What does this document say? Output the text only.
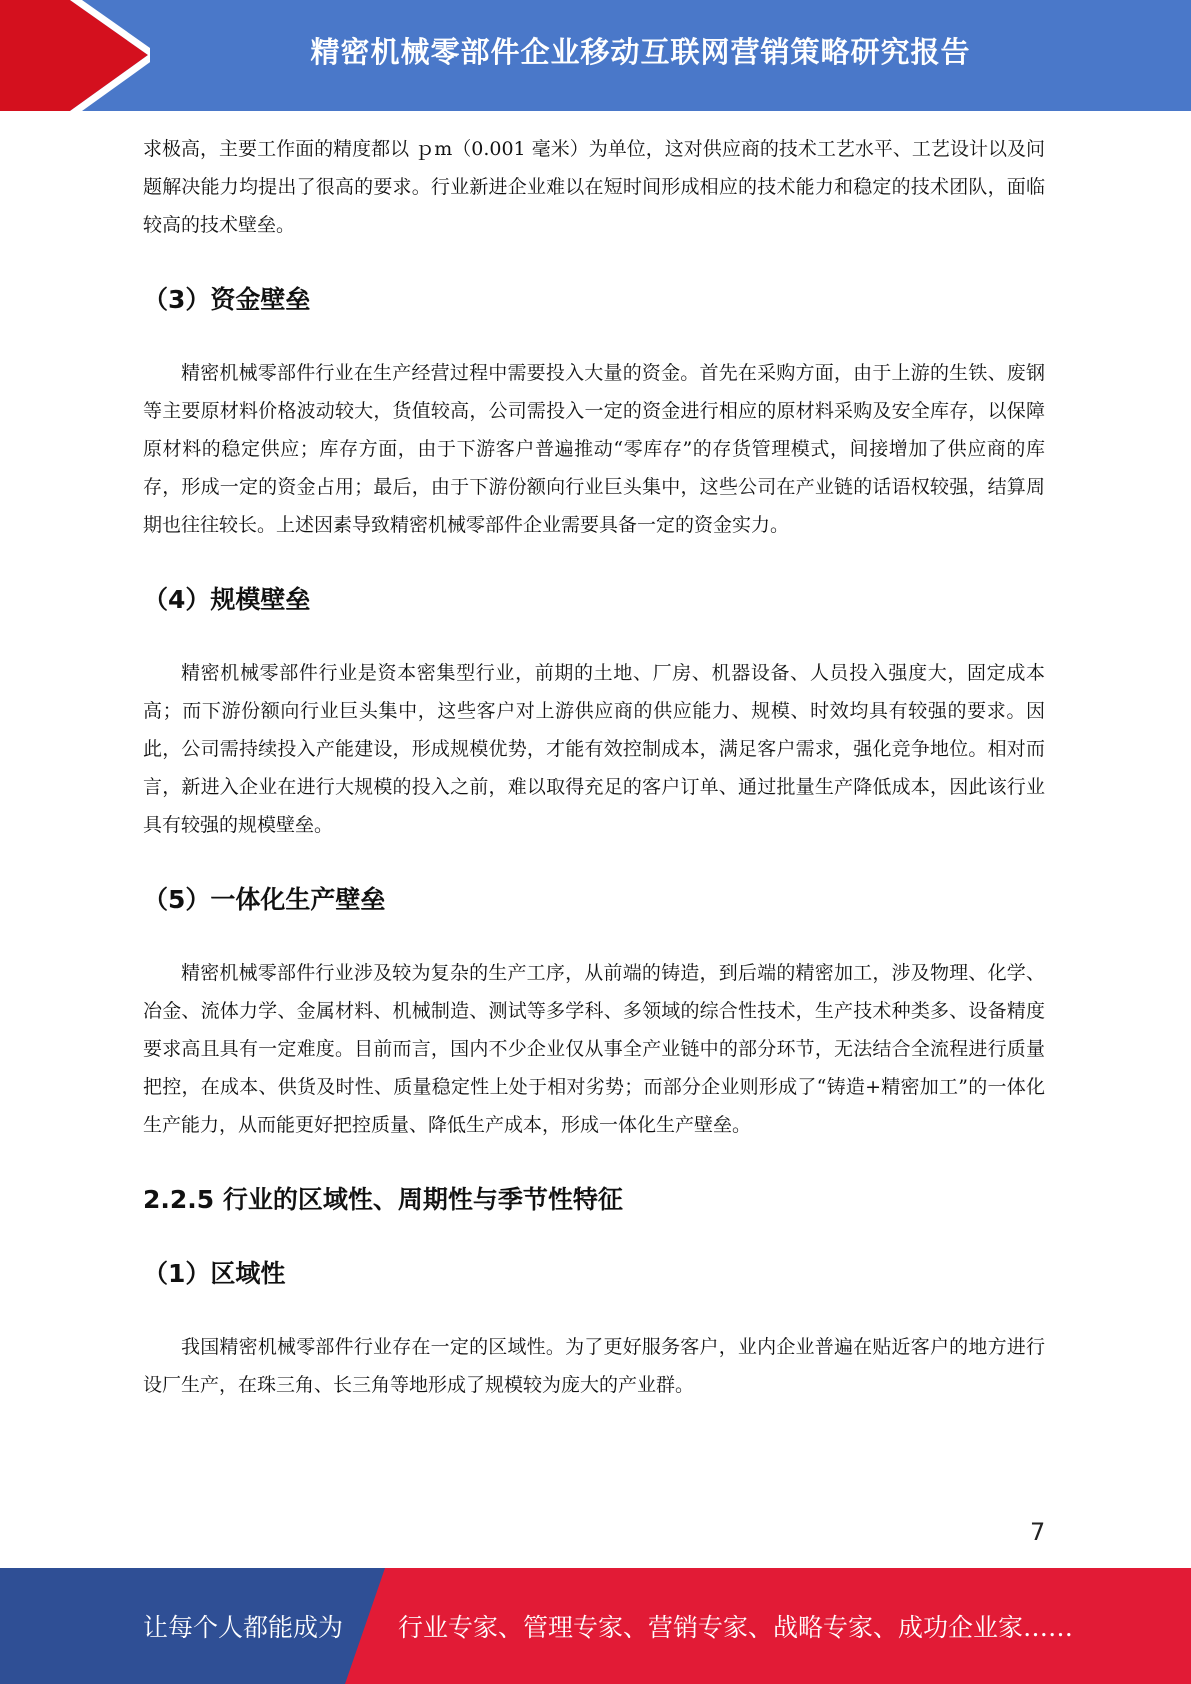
精密机械零部件企业移动互联网营销策略研究报告

求极高，主要工作面的精度都以 ｐm（0.001 毫米）为单位，这对供应商的技术工艺水平、工艺设计以及问题解决能力均提出了很高的要求。行业新进企业难以在短时间形成相应的技术能力和稳定的技术团队，面临较高的技术壁垒。

（3）资金壁垒

精密机械零部件行业在生产经营过程中需要投入大量的资金。首先在采购方面，由于上游的生铁、废钢等主要原材料价格波动较大，货值较高，公司需投入一定的资金进行相应的原材料采购及安全库存，以保障原材料的稳定供应；库存方面，由于下游客户普遍推动“零库存”的存货管理模式，间接增加了供应商的库存，形成一定的资金占用；最后，由于下游份额向行业巨头集中，这些公司在产业链的话语权较强，结算周期也往往较长。上述因素导致精密机械零部件企业需要具备一定的资金实力。

（4）规模壁垒

精密机械零部件行业是资本密集型行业，前期的土地、厂房、机器设备、人员投入强度大，固定成本高；而下游份额向行业巨头集中，这些客户对上游供应商的供应能力、规模、时效均具有较强的要求。因此，公司需持续投入产能建设，形成规模优势，才能有效控制成本，满足客户需求，强化竞争地位。相对而言，新进入企业在进行大规模的投入之前，难以取得充足的客户订单、通过批量生产降低成本，因此该行业具有较强的规模壁垒。

（5）一体化生产壁垒

精密机械零部件行业涉及较为复杂的生产工序，从前端的铸造，到后端的精密加工，涉及物理、化学、冶金、流体力学、金属材料、机械制造、测试等多学科、多领域的综合性技术，生产技术种类多、设备精度要求高且具有一定难度。目前而言，国内不少企业仅从事全产业链中的部分环节，无法结合全流程进行质量把控，在成本、供货及时性、质量稳定性上处于相对劣势；而部分企业则形成了“铸造+精密加工”的一体化生产能力，从而能更好把控质量、降低生产成本，形成一体化生产壁垒。

2.2.5 行业的区域性、周期性与季节性特征
（1）区域性

我国精密机械零部件行业存在一定的区域性。为了更好服务客户，业内企业普遍在贴近客户的地方进行设厂生产，在珠三角、长三角等地形成了规模较为庞大的产业群。

7
让每个人都能成为 行业专家、管理专家、营销专家、战略专家、成功企业家……
